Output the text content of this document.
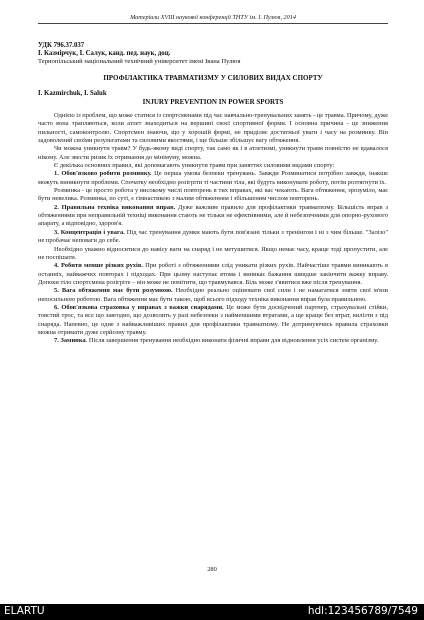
Матеріали XVIII наукової конференції ТНТУ ім. І. Пулюя, 2014
УДК 796.37.037
І. Казмірчук, І. Салук, канд. пед. наук, доц.
Тернопільський національний технічний університет імені Івана Пулюя
ПРОФІЛАКТИКА ТРАВМАТИЗМУ У СИЛОВИХ ВИДАХ СПОРТУ
I. Kazmirchuk, I. Saluk
INJURY PREVENTION IN POWER SPORTS

Однією із проблем, що може статися із спортсменами під час навчально-тренувальних занять - це травма. Причому, дуже часто вона трапляються, коли атлет знаходиться на вершині своєї спортивної форми. І основна причина - це зниження пильності, самоконтролю. Спортсмен знаючи, що у хорошій формі, не приділяє достатньої уваги і часу на розминку. Він задоволений своїми результатами та силовими якостями, і ще більше збільшує вагу обтяження.

Чи можна уникнути травм? У будь-якому виді спорту, так само як і в атлетизмі, уникнути травм повністю не вдавалося нікому. Але звести ризик їх отримання до мінімуму, можна.

Є декілька основних правил, які допомагають уникнути травм при заняттях силовими видами спорту:

1. Обов'язково робити розминку. Це перша умова безпеки тренувань. Завжди Розминатися потрібно завжди, інакше можуть виникнути проблеми. Спочатку необхідно розігріти ті частини тіла, які будуть виконувати роботу, потім розтягнути їх.

Розминка - це просто робота у високому числі повторень в тих вправах, які вас чекають. Вага обтяження, зрозуміло, має бути невелика. Розминка, по суті, є гімнастикою з малим обтяженням і збільшеним числом повторень.

2. Правильна техніка виконання вправ. Дуже важливе правило для профілактики травматизму. Більшість вправ з обтяженнями при неправильній техніці виконання стають не тільки не ефективними, але й небезпечними для опорно-рухового апарату, а відповідно, здоров'я.

3. Концентрація і увага. Під час тренування думки мають бути пов'язані тільки з тренінгом і ні з чим більше. "Залізо" не пробачає неповаги до себе.

Необхідно уважно відноситися до навісу ваги на снаряд і не метушитися. Якщо немає часу, краще тоді пропустити, але не поспішати.

4. Робити менше різких рухів. При роботі з обтяженнями слід уникати різких рухів. Найчастіше травми виникають в останніх, найважчих повторах і підходах. При цьому наступає втома і виникає бажання швидше закінчити важку вправу. Допоки тіло спортсмена розігріте – він може не помітити, що травмувався. Біль може з'явитися вже після тренування.

5. Вага обтяження має бути розумною. Необхідно реально оцінювати свої сили і не намагатися зняти свої м'язи непосильною роботою. Вага обтяження має бути такою, щоб всього підходу техніка виконання вправ була правильною.

6. Обов'язкова страховка у вправах з важки снарядами. Це може бути досвідчений партнер, страхувальні стійки, товстий трос, та все що завгодно, що дозволить у разі небезпеки з найменшими втратами, а ще краще без втрат, вилізти з під снаряда. Напевно, це одне з найважливіших правил для профілактики травматизму. Не дотримуючись правила страховки можна отримати дуже серйозну травму.

7. Заминка. Після завершення тренування необхідно виконати фізичні вправи для відновлення усіх систем організму.

280
ELARTU	hdl:123456789/7549
